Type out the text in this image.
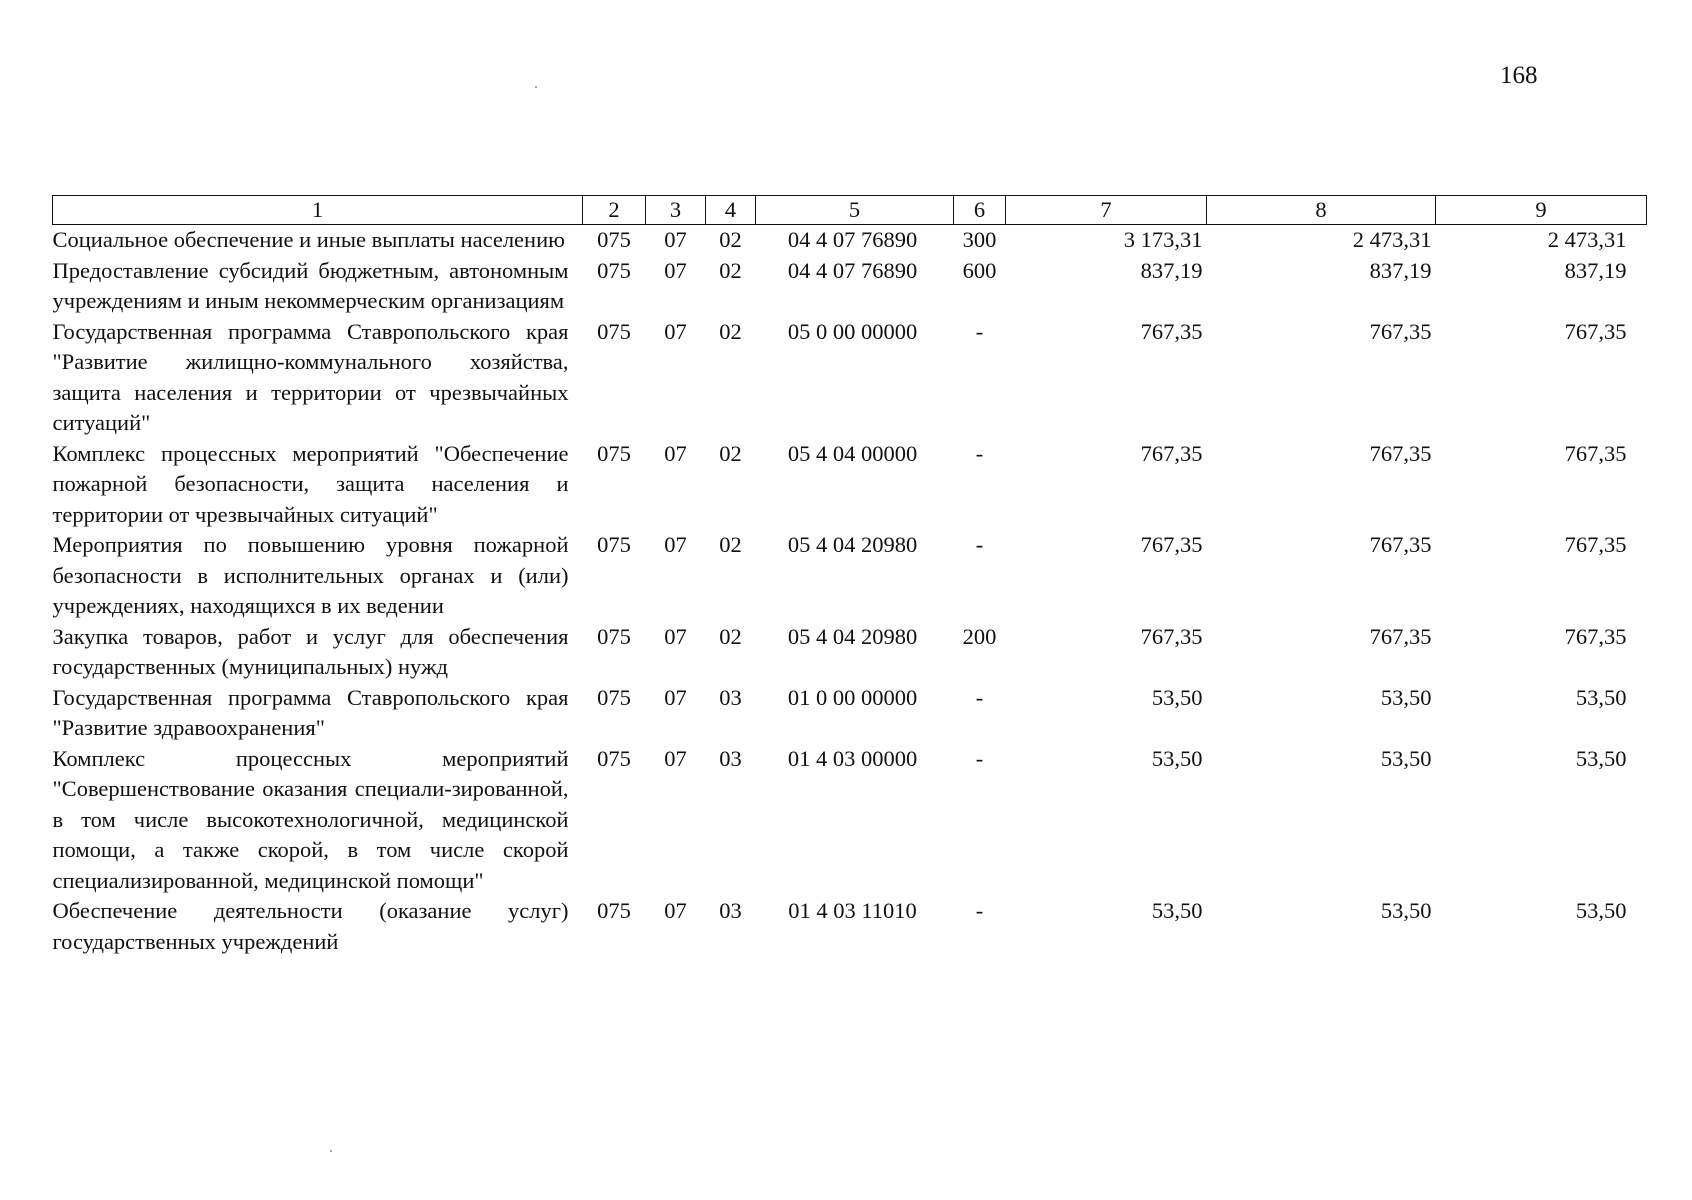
168
1	2	3	4	5	6	7	8	9
Социальное обеспечение и иные выплаты населению	075	07	02	04 4 07 76890	300	3 173,31	2 473,31	2 473,31
Предоставление субсидий бюджетным, автономным учреждениям и иным некоммерческим организациям	075	07	02	04 4 07 76890	600	837,19	837,19	837,19
Государственная программа Ставропольского края "Развитие жилищно-коммунального хозяйства, защита населения и территории от чрезвычайных ситуаций"	075	07	02	05 0 00 00000	-	767,35	767,35	767,35
Комплекс процессных мероприятий "Обеспечение пожарной безопасности, защита населения и территории от чрезвычайных ситуаций"	075	07	02	05 4 04 00000	-	767,35	767,35	767,35
Мероприятия по повышению уровня пожарной безопасности в исполнительных органах и (или) учреждениях, находящихся в их ведении	075	07	02	05 4 04 20980	-	767,35	767,35	767,35
Закупка товаров, работ и услуг для обеспечения государственных (муниципальных) нужд	075	07	02	05 4 04 20980	200	767,35	767,35	767,35
Государственная программа Ставропольского края "Развитие здравоохранения"	075	07	03	01 0 00 00000	-	53,50	53,50	53,50
Комплекс процессных мероприятий "Совершенствование оказания специали-зированной, в том числе высокотехнологичной, медицинской помощи, а также скорой, в том числе скорой специализированной, медицинской помощи"	075	07	03	01 4 03 00000	-	53,50	53,50	53,50
Обеспечение деятельности (оказание услуг) государственных учреждений	075	07	03	01 4 03 11010	-	53,50	53,50	53,50
